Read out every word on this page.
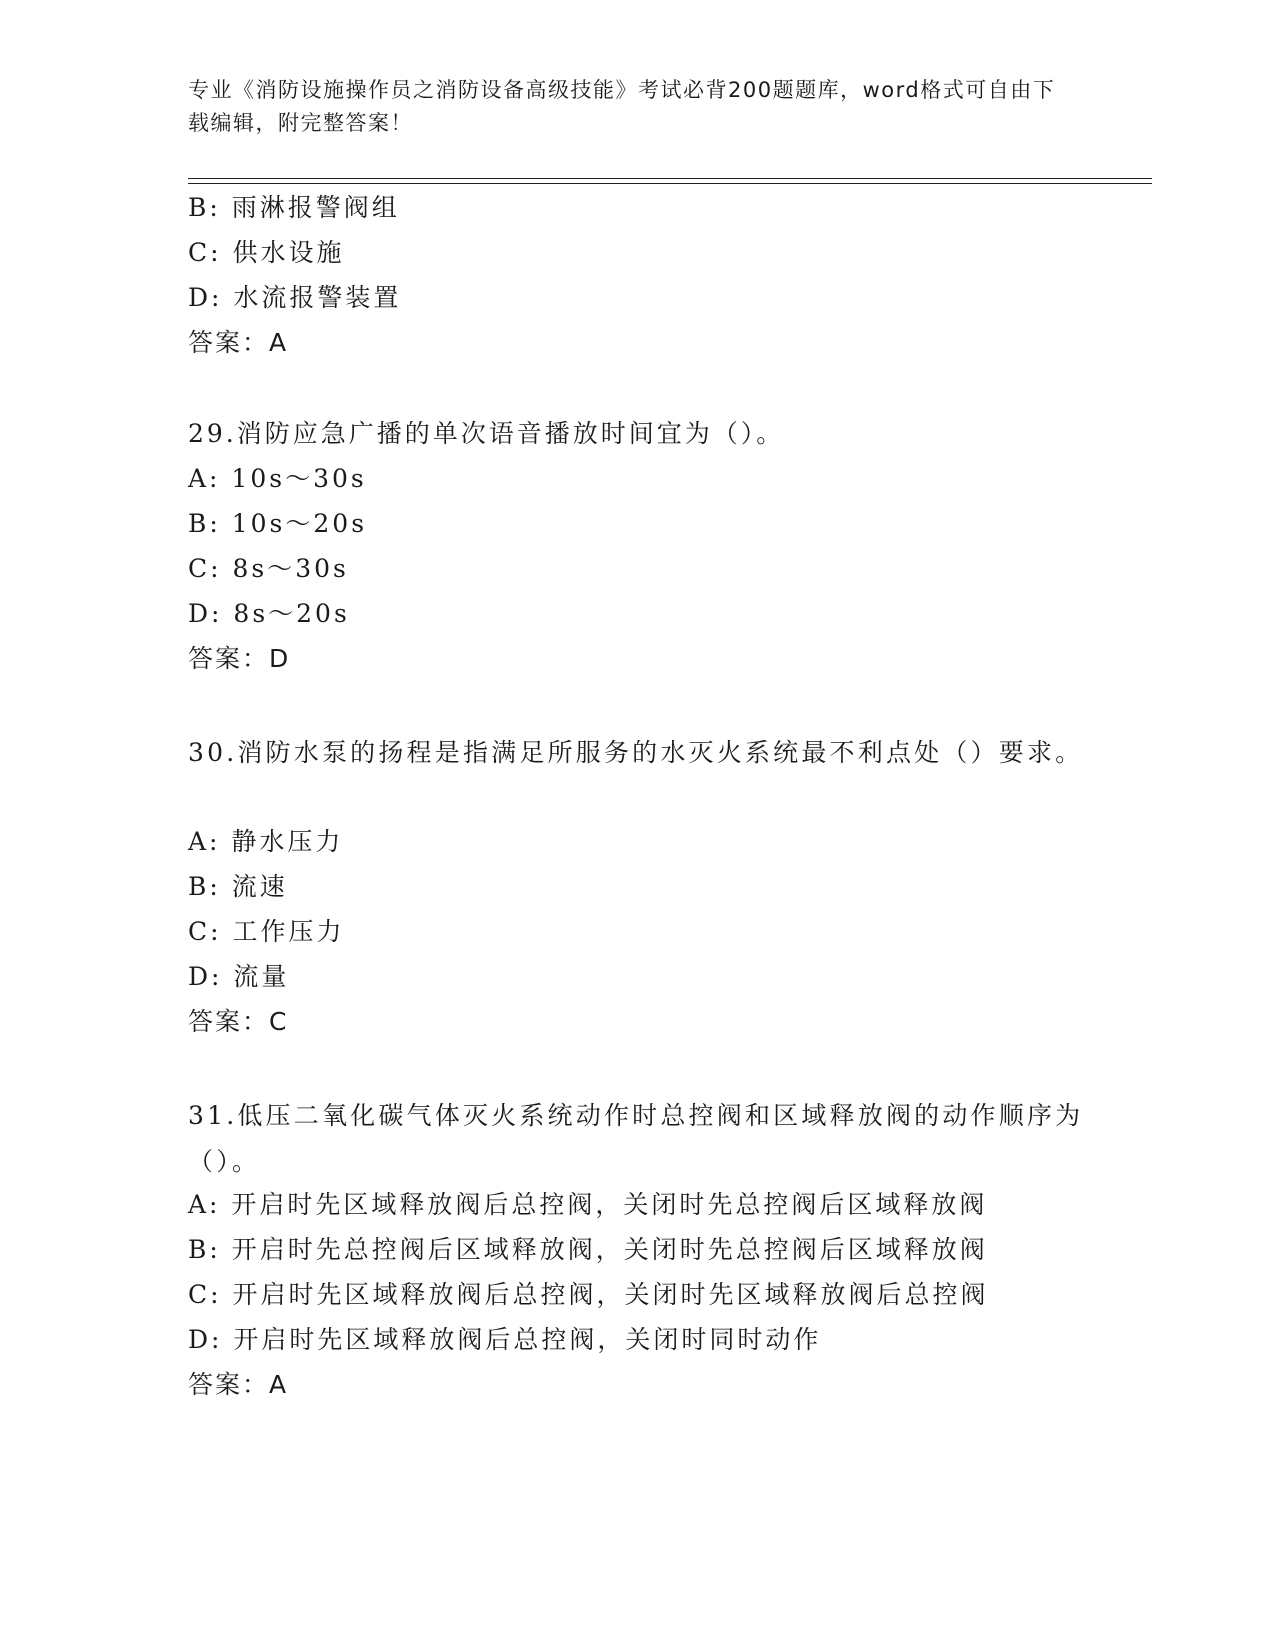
专业《消防设施操作员之消防设备高级技能》考试必背200题题库，word格式可自由下载编辑，附完整答案！
B: 雨淋报警阀组
C: 供水设施
D: 水流报警装置
答案：A
29.消防应急广播的单次语音播放时间宜为（）。
A: 10s～30s
B: 10s～20s
C: 8s～30s
D: 8s～20s
答案：D
30.消防水泵的扬程是指满足所服务的水灭火系统最不利点处（）要求。
A: 静水压力
B: 流速
C: 工作压力
D: 流量
答案：C
31.低压二氧化碳气体灭火系统动作时总控阀和区域释放阀的动作顺序为（）。
A: 开启时先区域释放阀后总控阀，关闭时先总控阀后区域释放阀
B: 开启时先总控阀后区域释放阀，关闭时先总控阀后区域释放阀
C: 开启时先区域释放阀后总控阀，关闭时先区域释放阀后总控阀
D: 开启时先区域释放阀后总控阀，关闭时同时动作
答案：A
